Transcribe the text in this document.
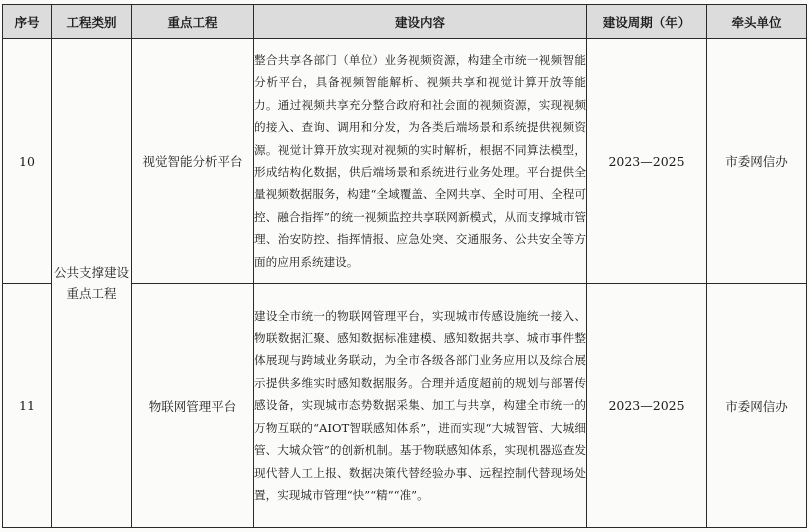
序号	工程类别	重点工程	建设内容	建设周期（年）	牵头单位
10	公共支撑建设重点工程	视觉智能分析平台	整合共享各部门（单位）业务视频资源，构建全市统一视频智能分析平台，具备视频智能解析、视频共享和视觉计算开放等能力。通过视频共享充分整合政府和社会面的视频资源，实现视频的接入、查询、调用和分发，为各类后端场景和系统提供视频资源。视觉计算开放实现对视频的实时解析，根据不同算法模型，形成结构化数据，供后端场景和系统进行业务处理。平台提供全量视频数据服务，构建“全域覆盖、全网共享、全时可用、全程可控、融合指挥”的统一视频监控共享联网新模式，从而支撑城市管理、治安防控、指挥情报、应急处突、交通服务、公共安全等方面的应用系统建设。	2023—2025	市委网信办
11		物联网管理平台	建设全市统一的物联网管理平台，实现城市传感设施统一接入、物联数据汇聚、感知数据标准建模、感知数据共享、城市事件整体展现与跨域业务联动，为全市各级各部门业务应用以及综合展示提供多维实时感知数据服务。合理并适度超前的规划与部署传感设备，实现城市态势数据采集、加工与共享，构建全市统一的万物互联的“AIOT智联感知体系”，进而实现“大城智管、大城细管、大城众管”的创新机制。基于物联感知体系，实现机器巡查发现代替人工上报、数据决策代替经验办事、远程控制代替现场处置，实现城市管理“快”“精”“准”。	2023—2025	市委网信办
